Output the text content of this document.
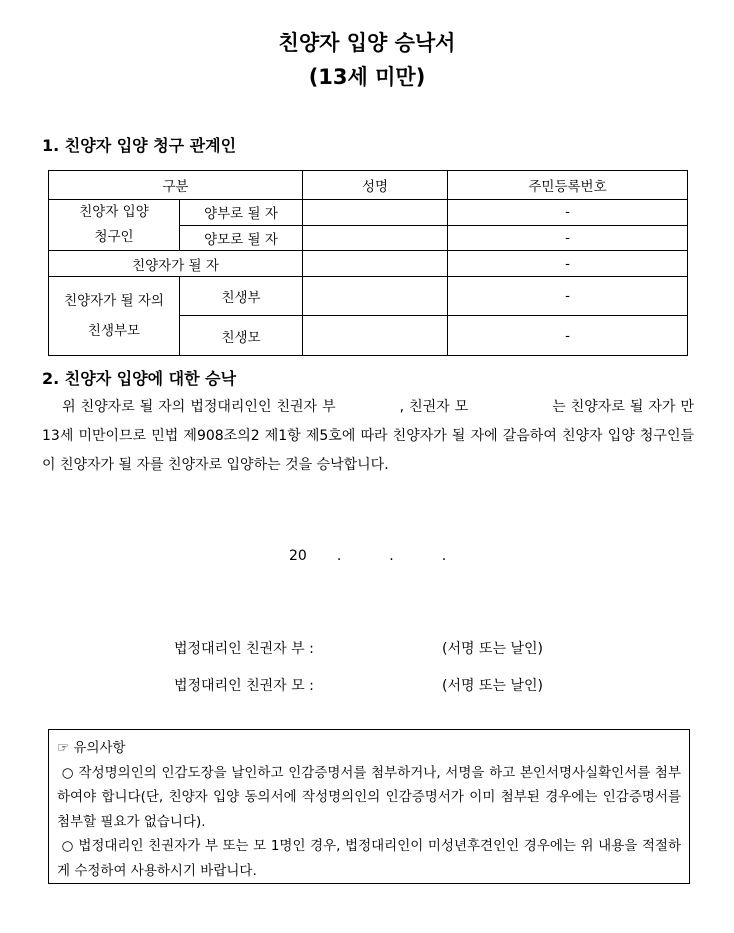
친양자 입양 승낙서
(13세 미만)
1. 친양자 입양 청구 관계인
구분		성명	주민등록번호

친양자 입양
청구인	양부로 될 자		-
	양모로 될 자		-
친양자가 될 자			-

친양자가 될 자의
친생부모	친생부		-
	친생모		-
2. 친양자 입양에 대한 승낙

위 친양자로 될 자의 법정대리인인 친권자 부	, 친권자 모	는 친양자로 될 자가 만 13세 미만이므로 민법 제908조의2 제1항 제5호에 따라 친양자가 될 자에 갈음하여 친양자 입양 청구인들이 친양자가 될 자를 친양자로 입양하는 것을 승낙합니다.

20 .	.	.
법정대리인 친권자 부 :	(서명 또는 날인)
법정대리인 친권자 모 :	(서명 또는 날인)

☞ 유의사항

○ 작성명의인의 인감도장을 날인하고 인감증명서를 첨부하거나, 서명을 하고 본인서명사실확인서를 첨부하여야 합니다(단, 친양자 입양 동의서에 작성명의인의 인감증명서가 이미 첨부된 경우에는 인감증명서를 첨부할 필요가 없습니다).

○ 법정대리인 친권자가 부 또는 모 1명인 경우, 법정대리인이 미성년후견인인 경우에는 위 내용을 적절하게 수정하여 사용하시기 바랍니다.
